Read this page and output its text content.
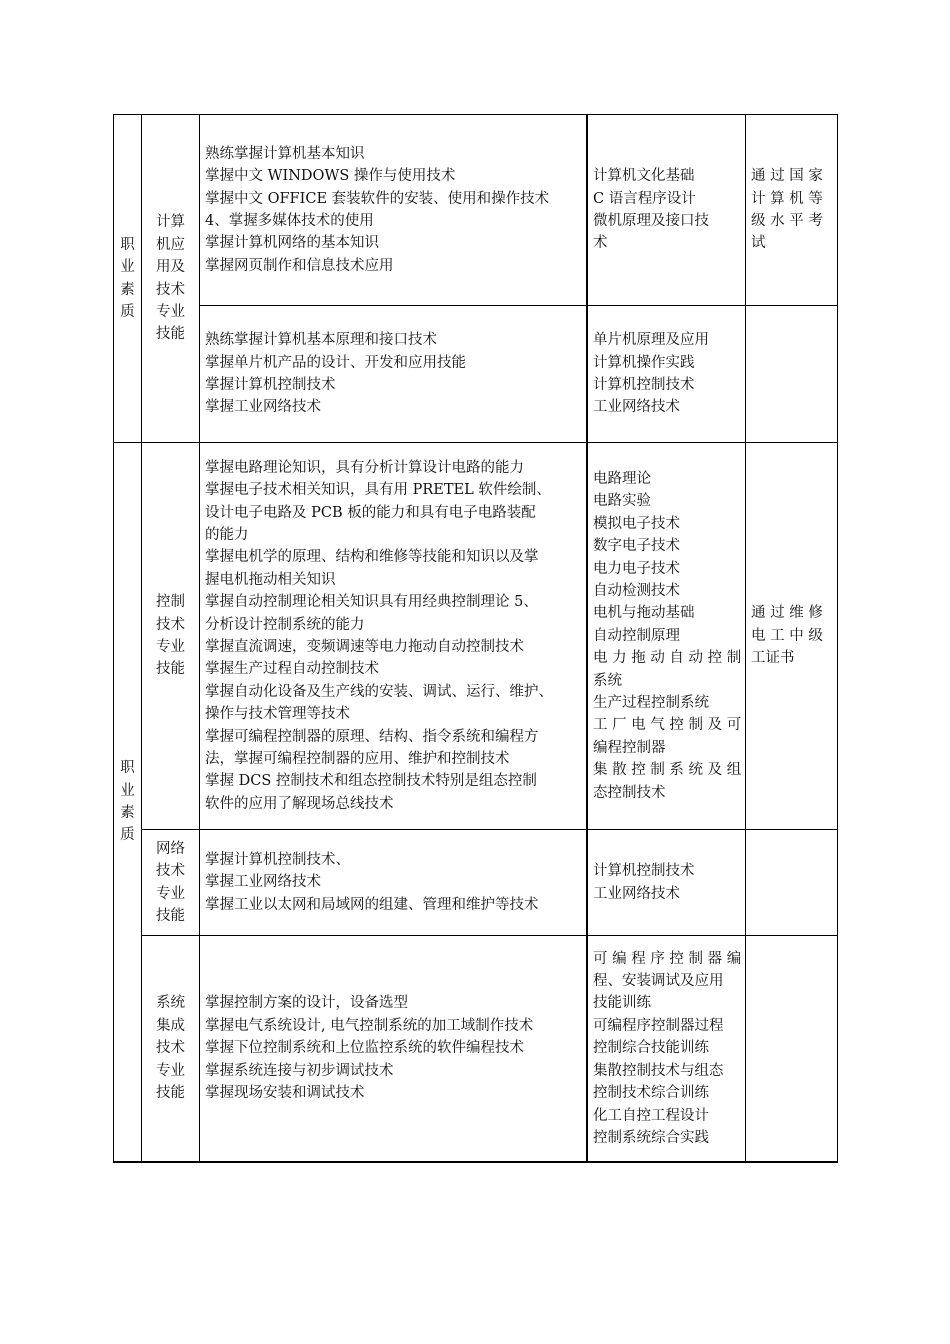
职
业
素
质
计算
机应
用及
技术
专业
技能
熟练掌握计算机基本知识
掌握中文 WINDOWS 操作与使用技术
掌握中文 OFFICE 套装软件的安装、使用和操作技术
4、掌握多媒体技术的使用
掌握计算机网络的基本知识
掌握网页制作和信息技术应用
计算机文化基础
C 语言程序设计
微机原理及接口技
术
通 过 国 家
计 算 机 等
级 水 平 考
试
熟练掌握计算机基本原理和接口技术
掌握单片机产品的设计、开发和应用技能
掌握计算机控制技术
掌握工业网络技术
单片机原理及应用
计算机操作实践
计算机控制技术
工业网络技术
职
业
素
质
控制
技术
专业
技能
掌握电路理论知识，具有分析计算设计电路的能力
掌握电子技术相关知识，具有用 PRETEL 软件绘制、
设计电子电路及 PCB 板的能力和具有电子电路装配
的能力
掌握电机学的原理、结构和维修等技能和知识以及掌
握电机拖动相关知识
掌握自动控制理论相关知识具有用经典控制理论 5、
分析设计控制系统的能力
掌握直流调速，变频调速等电力拖动自动控制技术
掌握生产过程自动控制技术
掌握自动化设备及生产线的安装、调试、运行、维护、
操作与技术管理等技术
掌握可编程控制器的原理、结构、指令系统和编程方
法，掌握可编程控制器的应用、维护和控制技术
掌握 DCS 控制技术和组态控制技术特别是组态控制
软件的应用了解现场总线技术
电路理论
电路实验
模拟电子技术
数字电子技术
电力电子技术
自动检测技术
电机与拖动基础
自动控制原理
电 力 拖 动 自 动 控 制
系统
生产过程控制系统
工 厂 电 气 控 制 及 可
编程控制器
集 散 控 制 系 统 及 组
态控制技术
通 过 维 修
电 工 中 级
工证书
网络
技术
专业
技能
掌握计算机控制技术、
掌握工业网络技术
掌握工业以太网和局域网的组建、管理和维护等技术
计算机控制技术
工业网络技术
系统
集成
技术
专业
技能
掌握控制方案的设计，设备选型
掌握电气系统设计, 电气控制系统的加工域制作技术
掌握下位控制系统和上位监控系统的软件编程技术
掌握系统连接与初步调试技术
掌握现场安装和调试技术
可 编 程 序 控 制 器 编
程、安装调试及应用
技能训练
可编程序控制器过程
控制综合技能训练
集散控制技术与组态
控制技术综合训练
化工自控工程设计
控制系统综合实践
